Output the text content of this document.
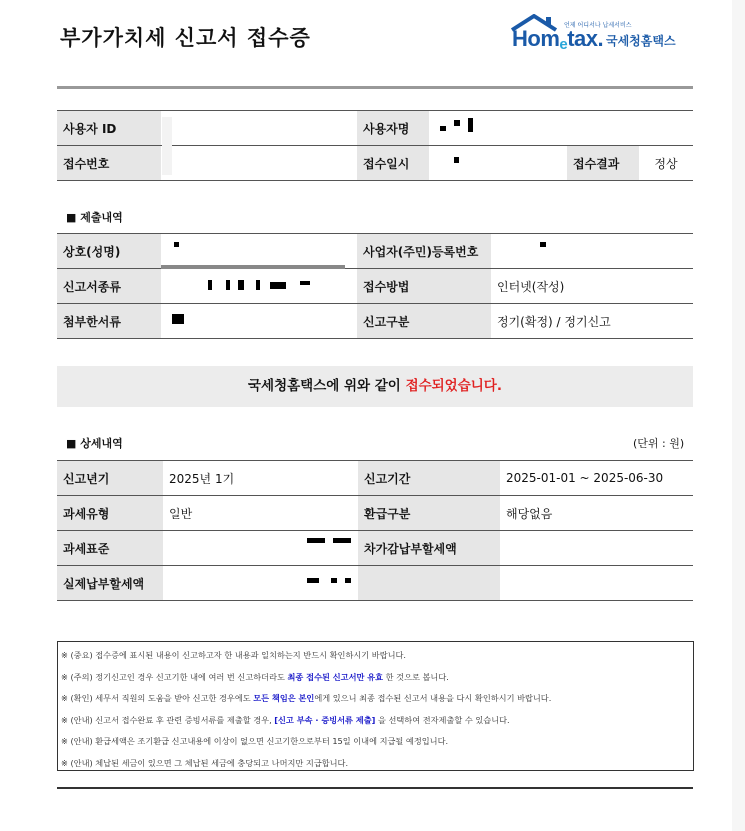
부가가치세 신고서 접수증
언제 어디서나 납세서비스
Hometax. 국세청홈택스
사용자 ID		사용자명			
접수번호		접수일시		접수결과	정상
■ 제출내역
상호(성명)		사업자(주민)등록번호	
신고서종류		접수방법	인터넷(작성)
첨부한서류		신고구분	정기(확정) / 정기신고
국세청홈택스에 위와 같이 접수되었습니다.
■ 상세내역	(단위 : 원)
신고년기	2025년 1기	신고기간	2025-01-01 ~ 2025-06-30
과세유형	일반	환급구분	해당없음
과세표준		차가감납부할세액	
실제납부할세액			
※ (중요) 접수증에 표시된 내용이 신고하고자 한 내용과 일치하는지 반드시 확인하시기 바랍니다.
※ (주의) 정기신고인 경우 신고기한 내에 여러 번 신고하더라도 최종 접수된 신고서만 유효 한 것으로 봅니다.
※ (확인) 세무서 직원의 도움을 받아 신고한 경우에도 모든 책임은 본인에게 있으니 최종 접수된 신고서 내용을 다시 확인하시기 바랍니다.
※ (안내) 신고서 접수완료 후 관련 증빙서류를 제출할 경우, [신고 부속 · 증빙서류 제출] 을 선택하여 전자제출할 수 있습니다.
※ (안내) 환급세액은 조기환급 신고내용에 이상이 없으면 신고기한으로부터 15일 이내에 지급될 예정입니다.
※ (안내) 체납된 세금이 있으면 그 체납된 세금에 충당되고 나머지만 지급합니다.
